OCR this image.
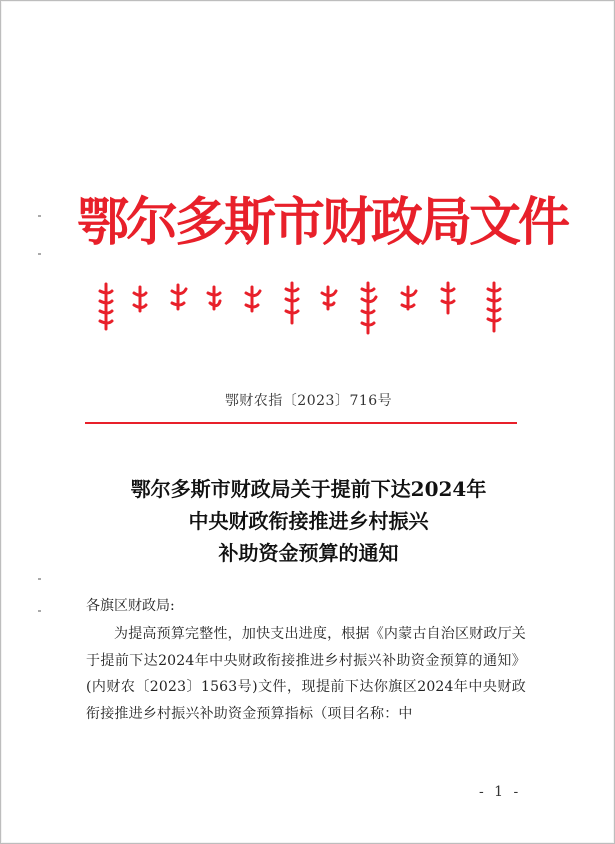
鄂尔多斯市财政局文件
鄂财农指〔2023〕716号
鄂尔多斯市财政局关于提前下达2024年
中央财政衔接推进乡村振兴
补助资金预算的通知
各旗区财政局:
为提高预算完整性，加快支出进度，根据《内蒙古自治区财政厅关于提前下达2024年中央财政衔接推进乡村振兴补助资金预算的通知》(内财农〔2023〕1563号)文件，现提前下达你旗区2024年中央财政衔接推进乡村振兴补助资金预算指标（项目名称：中
- 1 -
